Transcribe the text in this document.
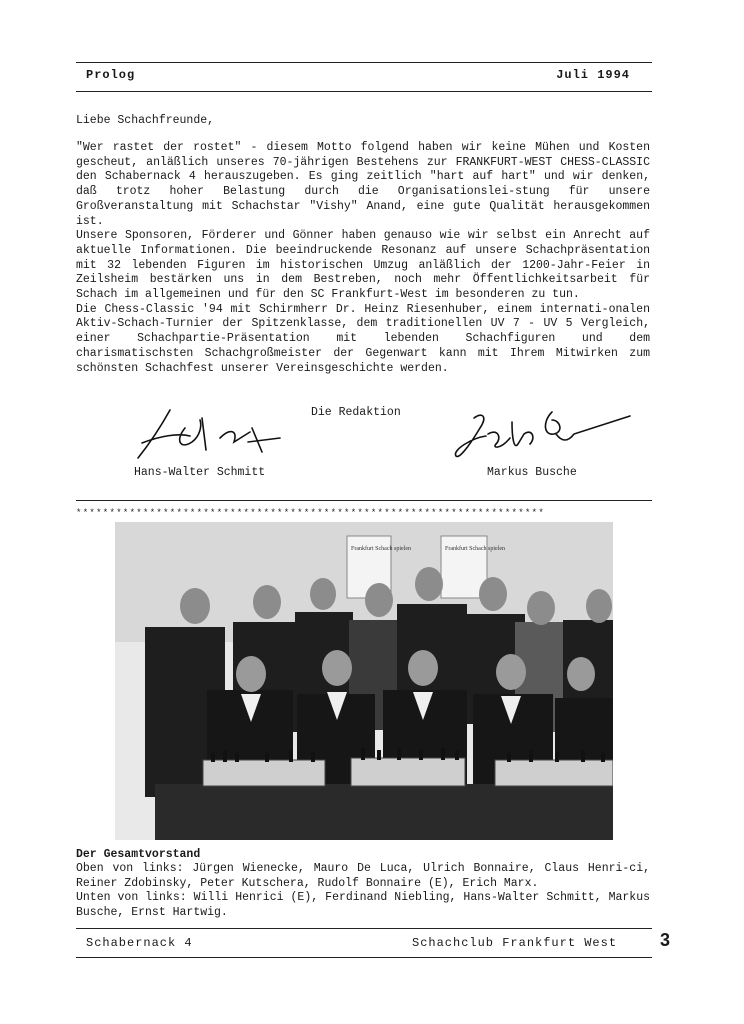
Prolog	Juli 1994
Liebe Schachfreunde,

"Wer rastet der rostet" - diesem Motto folgend haben wir keine Mühen und Kosten gescheut, anläßlich unseres 70-jährigen Bestehens zur FRANKFURT-WEST CHESS-CLASSIC den Schabernack 4 herauszugeben. Es ging zeitlich "hart auf hart" und wir denken, daß trotz hoher Belastung durch die Organisationslei-stung für unsere Großveranstaltung mit Schachstar "Vishy" Anand, eine gute Qualität herausgekommen ist.

Unsere Sponsoren, Förderer und Gönner haben genauso wie wir selbst ein Anrecht auf aktuelle Informationen. Die beeindruckende Resonanz auf unsere Schachpräsentation mit 32 lebenden Figuren im historischen Umzug anläßlich der 1200-Jahr-Feier in Zeilsheim bestärken uns in dem Bestreben, noch mehr Öffentlichkeitsarbeit für Schach im allgemeinen und für den SC Frankfurt-West im besonderen zu tun.

Die Chess-Classic '94 mit Schirmherr Dr. Heinz Riesenhuber, einem internati-onalen Aktiv-Schach-Turnier der Spitzenklasse, dem traditionellen UV 7 - UV 5 Vergleich, einer Schachpartie-Präsentation mit lebenden Schachfiguren und dem charismatischsten Schachgroßmeister der Gegenwart kann mit Ihrem Mitwirken zum schönsten Schachfest unserer Vereinsgeschichte werden.

Die Redaktion
Hans-Walter Schmitt	Markus Busche
**********************************************************************
Frankfurt Schach spielen	Frankfurt Schach spielen
Der Gesamtvorstand

Oben von links: Jürgen Wienecke, Mauro De Luca, Ulrich Bonnaire, Claus Henri-ci, Reiner Zdobinsky, Peter Kutschera, Rudolf Bonnaire (E), Erich Marx.

Unten von links: Willi Henrici (E), Ferdinand Niebling, Hans-Walter Schmitt, Markus Busche, Ernst Hartwig.

Schabernack 4	Schachclub Frankfurt West 3
